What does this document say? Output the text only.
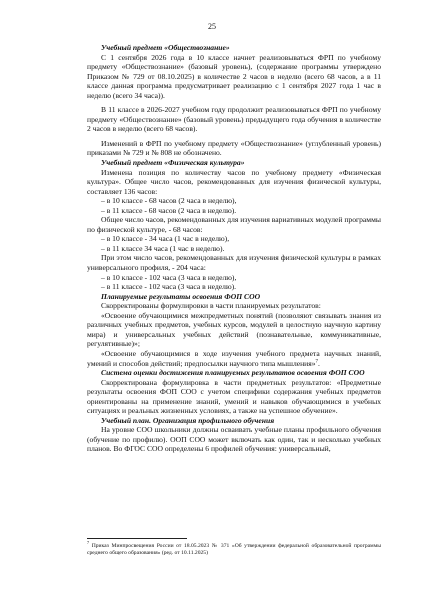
25

Учебный предмет «Обществознание»

С 1 сентября 2026 года в 10 классе начнет реализовываться ФРП по учебному предмету «Обществознание» (базовый уровень), (содержание программы утверждено Приказом № 729 от 08.10.2025) в количестве 2 часов в неделю (всего 68 часов, а в 11 классе данная программа предусматривает реализацию с 1 сентября 2027 года 1 час в неделю (всего 34 часа)).

В 11 классе в 2026-2027 учебном году продолжит реализовываться ФРП по учебному предмету «Обществознание» (базовый уровень) предыдущего года обучения в количестве 2 часов в неделю (всего 68 часов).

Изменений в ФРП по учебному предмету «Обществознание» (углубленный уровень) приказами № 729 и № 808 не обозначено.

Учебный предмет «Физическая культура»

Изменена позиция по количеству часов по учебному предмету «Физическая культура». Общее число часов, рекомендованных для изучения физической культуры, составляет 136 часов:

– в 10 классе - 68 часов (2 часа в неделю),

– в 11 классе - 68 часов (2 часа в неделю).

Общее число часов, рекомендованных для изучения вариативных модулей программы по физической культуре, - 68 часов:

– в 10 классе - 34 часа (1 час в неделю),

– в 11 классе 34 часа (1 час в неделю).

При этом число часов, рекомендованных для изучения физической культуры в рамках универсального профиля, - 204 часа:

– в 10 классе - 102 часа (3 часа в неделю),

– в 11 классе - 102 часа (3 часа в неделю).

Планируемые результаты освоения ФОП СОО

Скорректированы формулировки в части планируемых результатов:

«Освоение обучающимися межпредметных понятий (позволяют связывать знания из различных учебных предметов, учебных курсов, модулей в целостную научную картину мира) и универсальных учебных действий (познавательные, коммуникативные, регулятивные)»;

«Освоение обучающимися в ходе изучения учебного предмета научных знаний, умений и способов действий; предпосылки научного типа мышления»$^7$.

Система оценки достижения планируемых результатов освоения ФОП СОО

Скорректирована формулировка в части предметных результатов: «Предметные результаты освоения ФОП СОО с учетом специфики содержания учебных предметов ориентированы на применение знаний, умений и навыков обучающимися в учебных ситуациях и реальных жизненных условиях, а также на успешное обучение».

Учебный план. Организация профильного обучения

На уровне СОО школьники должны осваивать учебные планы профильного обучения (обучение по профилю). ООП СОО может включать как один, так и несколько учебных планов. Во ФГОС СОО определены 6 профилей обучения: универсальный,

$^7$ Приказ Минпросвещения России от 18.05.2023 № 371 «Об утверждении федеральной образовательной программы среднего общего образования» (ред. от 10.11.2025)
